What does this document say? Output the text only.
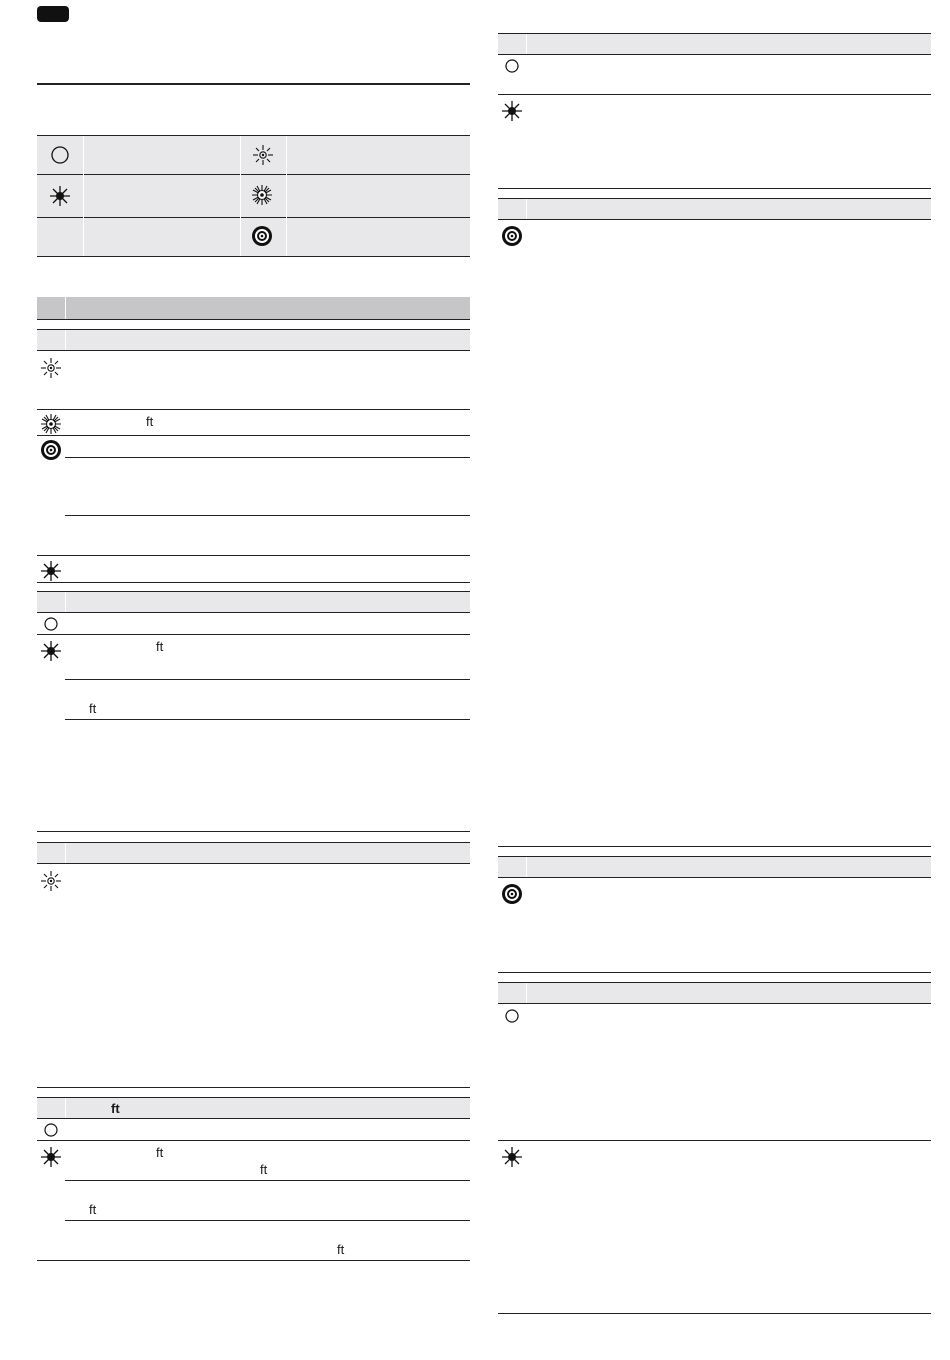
ft
ft
ft
ft
ft
ft
ft
ft
